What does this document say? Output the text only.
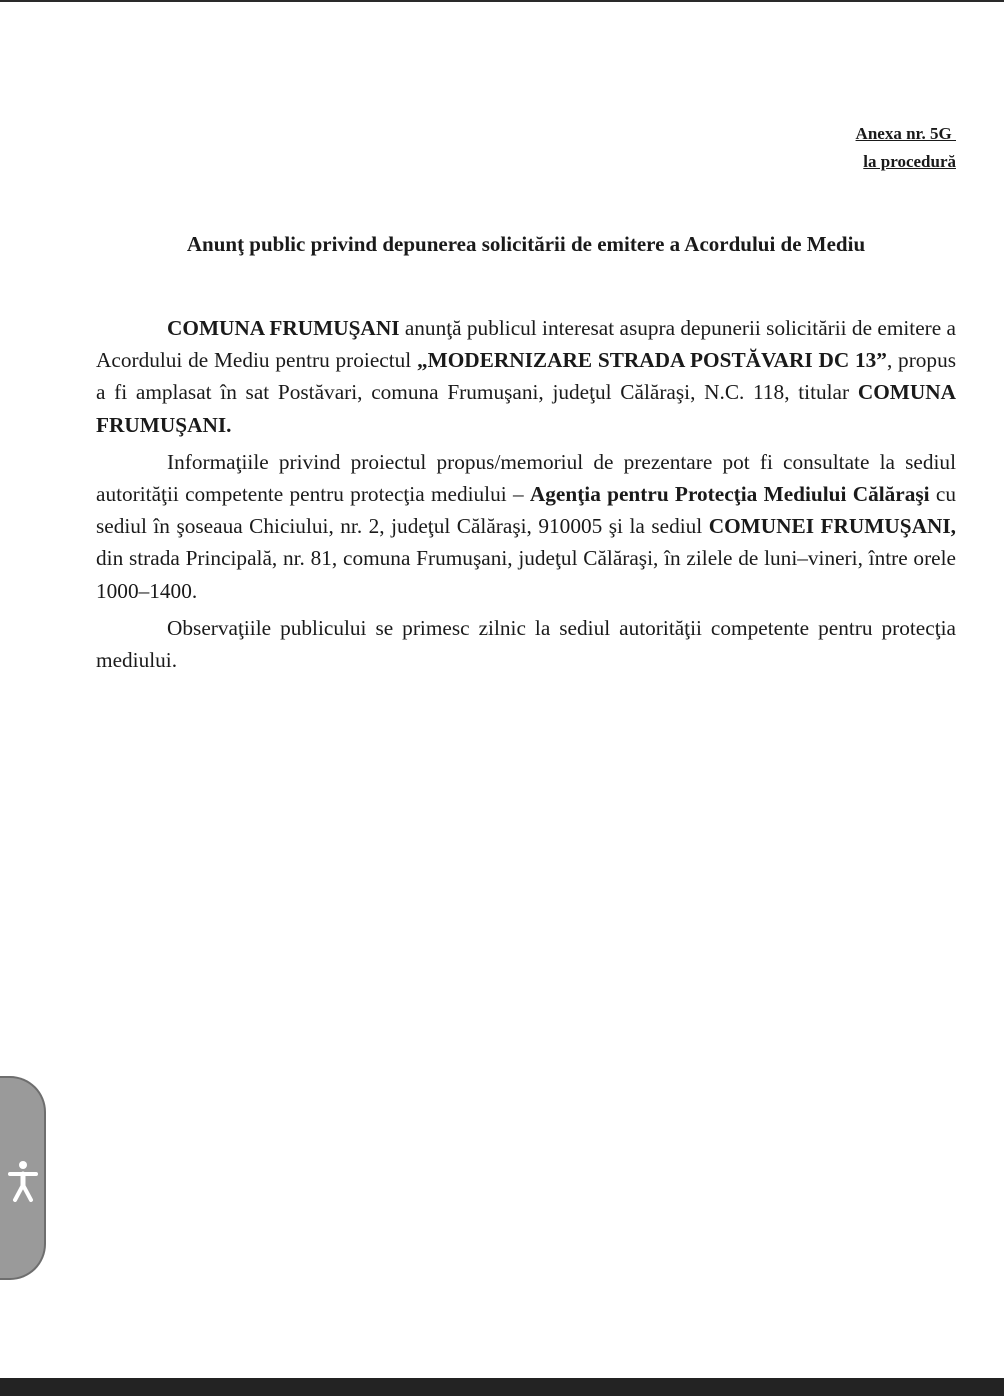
Anexa nr. 5G
la procedură
Anunţ public privind depunerea solicitării de emitere a Acordului de Mediu

COMUNA FRUMUŞANI anunţă publicul interesat asupra depunerii solicitării de emitere a Acordului de Mediu pentru proiectul „MODERNIZARE STRADA POSTĂVARI DC 13”, propus a fi amplasat în sat Postăvari, comuna Frumuşani, judeţul Călăraşi, N.C. 118, titular COMUNA FRUMUŞANI.

Informaţiile privind proiectul propus/memoriul de prezentare pot fi consultate la sediul autorităţii competente pentru protecţia mediului – Agenţia pentru Protecţia Mediului Călăraşi cu sediul în şoseaua Chiciului, nr. 2, judeţul Călăraşi, 910005 şi la sediul COMUNEI FRUMUŞANI, din strada Principală, nr. 81, comuna Frumuşani, judeţul Călăraşi, în zilele de luni–vineri, între orele 1000–1400.

Observaţiile publicului se primesc zilnic la sediul autorităţii competente pentru protecţia mediului.
